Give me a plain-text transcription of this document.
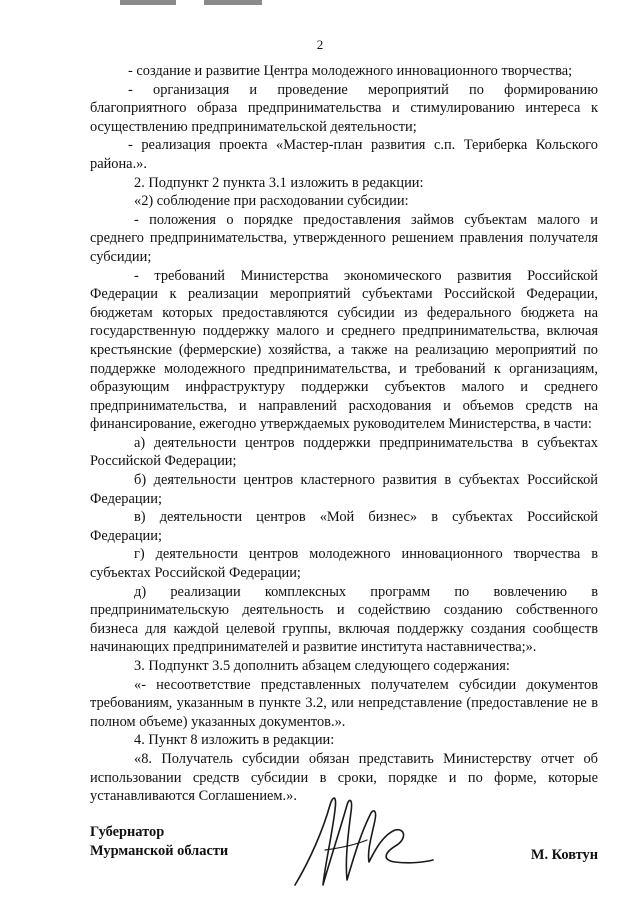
2

- создание и развитие Центра молодежного инновационного творчества;

- организация и проведение мероприятий по формированию благоприятного образа предпринимательства и стимулированию интереса к осуществлению предпринимательской деятельности;

- реализация проекта «Мастер-план развития с.п. Териберка Кольского района.».

2. Подпункт 2 пункта 3.1 изложить в редакции:

«2) соблюдение при расходовании субсидии:

- положения о порядке предоставления займов субъектам малого и среднего предпринимательства, утвержденного решением правления получателя субсидии;

- требований Министерства экономического развития Российской Федерации к реализации мероприятий субъектами Российской Федерации, бюджетам которых предоставляются субсидии из федерального бюджета на государственную поддержку малого и среднего предпринимательства, включая крестьянские (фермерские) хозяйства, а также на реализацию мероприятий по поддержке молодежного предпринимательства, и требований к организациям, образующим инфраструктуру поддержки субъектов малого и среднего предпринимательства, и направлений расходования и объемов средств на финансирование, ежегодно утверждаемых руководителем Министерства, в части:

а) деятельности центров поддержки предпринимательства в субъектах Российской Федерации;

б) деятельности центров кластерного развития в субъектах Российской Федерации;

в) деятельности центров «Мой бизнес» в субъектах Российской Федерации;

г) деятельности центров молодежного инновационного творчества в субъектах Российской Федерации;

д) реализации комплексных программ по вовлечению в предпринимательскую деятельность и содействию созданию собственного бизнеса для каждой целевой группы, включая поддержку создания сообществ начинающих предпринимателей и развитие института наставничества;».

3. Подпункт 3.5 дополнить абзацем следующего содержания:

«- несоответствие представленных получателем субсидии документов требованиям, указанным в пункте 3.2, или непредставление (предоставление не в полном объеме) указанных документов.».

4. Пункт 8 изложить в редакции:

«8. Получатель субсидии обязан представить Министерству отчет об использовании средств субсидии в сроки, порядке и по форме, которые устанавливаются Соглашением.».

Губернатор
Мурманской области	М. Ковтун
